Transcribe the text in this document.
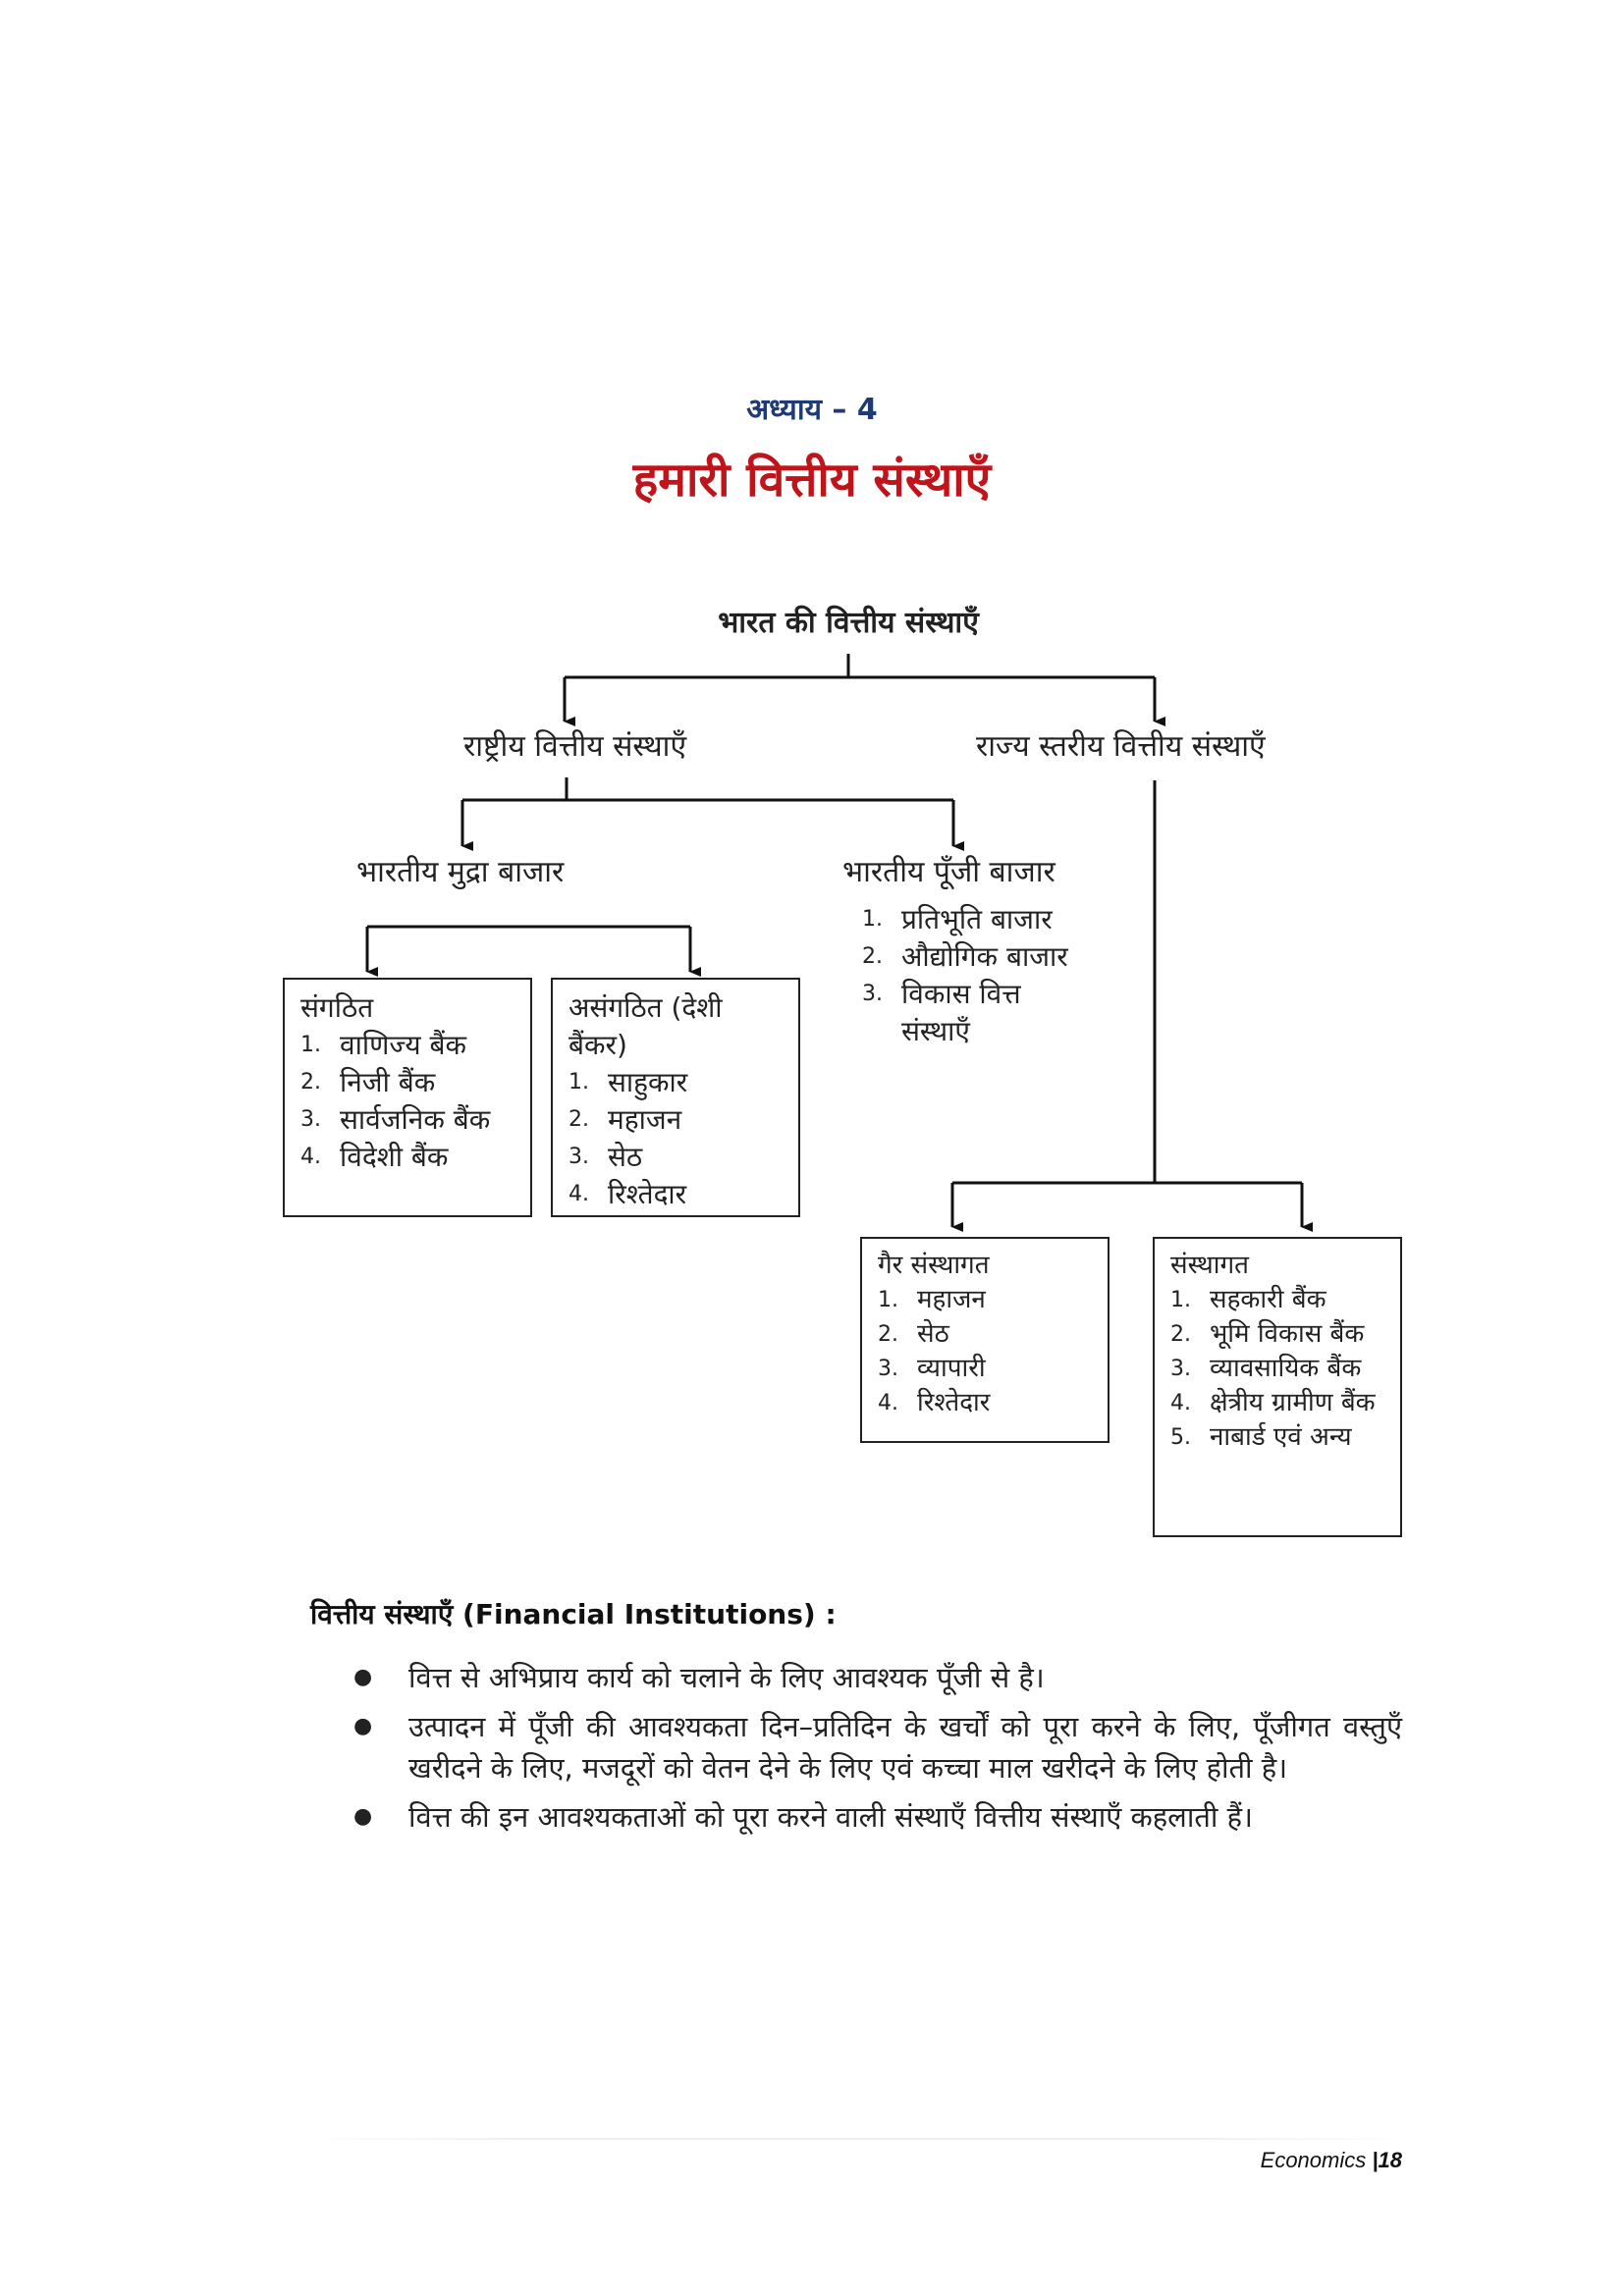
अध्याय – 4
हमारी वित्तीय संस्थाएँ
भारत की वित्तीय संस्थाएँ
राष्ट्रीय वित्तीय संस्थाएँ	राज्य स्तरीय वित्तीय संस्थाएँ
भारतीय मुद्रा बाजार	भारतीय पूँजी बाजार
1. प्रतिभूति बाजार
2. औद्योगिक बाजार
3. विकास वित्त संस्थाएँ
संगठित
1. वाणिज्य बैंक
2. निजी बैंक
3. सार्वजनिक बैंक
4. विदेशी बैंक
असंगठित (देशी बैंकर)
1. साहुकार
2. महाजन
3. सेठ
4. रिश्तेदार
गैर संस्थागत
1. महाजन
2. सेठ
3. व्यापारी
4. रिश्तेदार
संस्थागत
1. सहकारी बैंक
2. भूमि विकास बैंक
3. व्यावसायिक बैंक
4. क्षेत्रीय ग्रामीण बैंक
5. नाबार्ड एवं अन्य
वित्तीय संस्थाएँ (Financial Institutions) :
● वित्त से अभिप्राय कार्य को चलाने के लिए आवश्यक पूँजी से है।
● उत्पादन में पूँजी की आवश्यकता दिन–प्रतिदिन के खर्चों को पूरा करने के लिए, पूँजीगत वस्तुएँ खरीदने के लिए, मजदूरों को वेतन देने के लिए एवं कच्चा माल खरीदने के लिए होती है।
● वित्त की इन आवश्यकताओं को पूरा करने वाली संस्थाएँ वित्तीय संस्थाएँ कहलाती हैं।
Economics |18
